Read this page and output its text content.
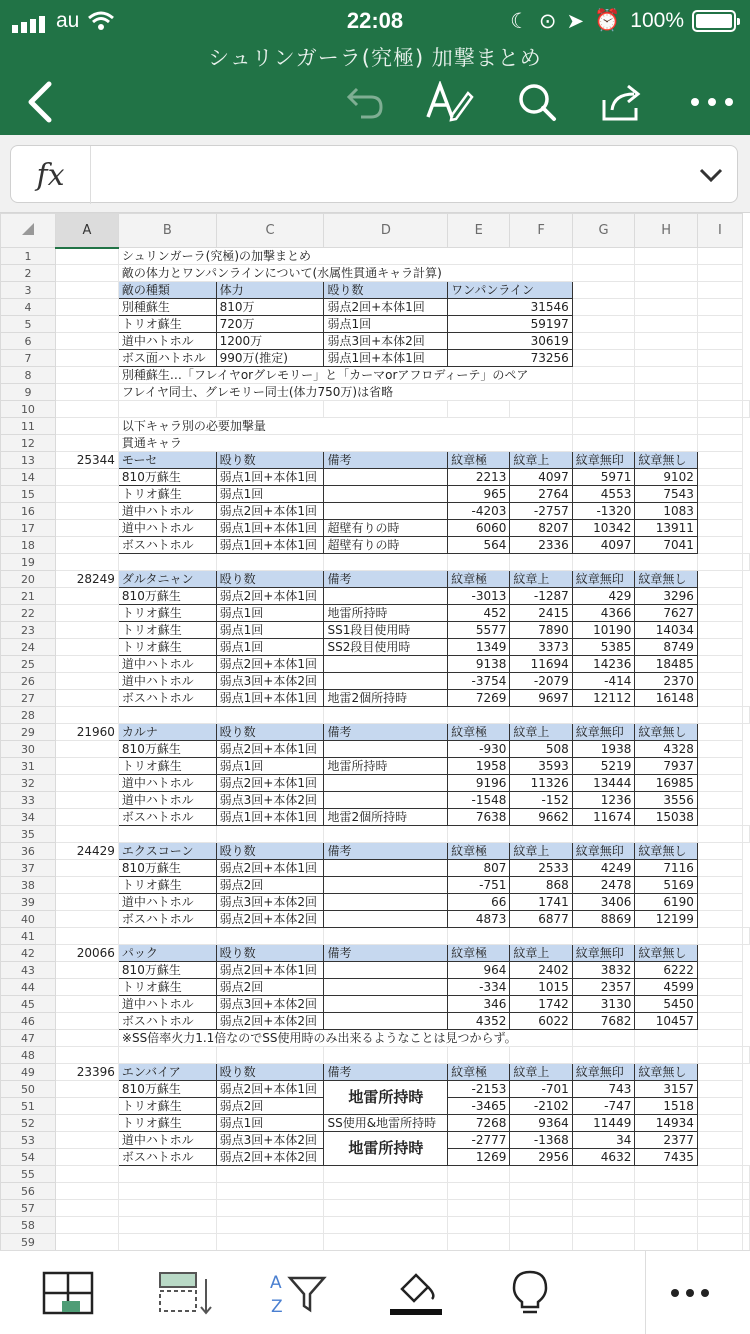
au	22:08	☾ ⊙ ➤ ⏰ 100%
シュリンガーラ(究極) 加撃まとめ
fx
	A	B	C	D	E	F	G	H	I	
1		シュリンガーラ(究極)の加撃まとめ								
2		敵の体力とワンパンラインについて(水属性貫通キャラ計算)								
3		敵の種類	体力	殴り数	ワンパンライン					
4		別種蘇生	810万	弱点2回+本体1回	31546					
5		トリオ蘇生	720万	弱点1回	59197					
6		道中ハトホル	1200万	弱点3回+本体2回	30619					
7		ボス面ハトホル	990万(推定)	弱点1回+本体1回	73256					
8		別種蘇生…「フレイヤorグレモリー」と「カーマorアフロディーテ」のペア								
9		フレイヤ同士、グレモリー同士(体力750万)は省略								
10										
11		以下キャラ別の必要加撃量								
12		貫通キャラ								
13	25344	モーセ	殴り数	備考	紋章極	紋章上	紋章無印	紋章無し		
14		810万蘇生	弱点1回+本体1回		2213	4097	5971	9102		
15		トリオ蘇生	弱点1回		965	2764	4553	7543		
16		道中ハトホル	弱点2回+本体1回		-4203	-2757	-1320	1083		
17		道中ハトホル	弱点1回+本体1回	超壁有りの時	6060	8207	10342	13911		
18		ボスハトホル	弱点1回+本体1回	超壁有りの時	564	2336	4097	7041		
19										
20	28249	ダルタニャン	殴り数	備考	紋章極	紋章上	紋章無印	紋章無し		
21		810万蘇生	弱点2回+本体1回		-3013	-1287	429	3296		
22		トリオ蘇生	弱点1回	地雷所持時	452	2415	4366	7627		
23		トリオ蘇生	弱点1回	SS1段目使用時	5577	7890	10190	14034		
24		トリオ蘇生	弱点1回	SS2段目使用時	1349	3373	5385	8749		
25		道中ハトホル	弱点2回+本体1回		9138	11694	14236	18485		
26		道中ハトホル	弱点3回+本体2回		-3754	-2079	-414	2370		
27		ボスハトホル	弱点1回+本体1回	地雷2個所持時	7269	9697	12112	16148		
28										
29	21960	カルナ	殴り数	備考	紋章極	紋章上	紋章無印	紋章無し		
30		810万蘇生	弱点2回+本体1回		-930	508	1938	4328		
31		トリオ蘇生	弱点1回	地雷所持時	1958	3593	5219	7937		
32		道中ハトホル	弱点2回+本体1回		9196	11326	13444	16985		
33		道中ハトホル	弱点3回+本体2回		-1548	-152	1236	3556		
34		ボスハトホル	弱点1回+本体1回	地雷2個所持時	7638	9662	11674	15038		
35										
36	24429	エクスコーン	殴り数	備考	紋章極	紋章上	紋章無印	紋章無し		
37		810万蘇生	弱点2回+本体1回		807	2533	4249	7116		
38		トリオ蘇生	弱点2回		-751	868	2478	5169		
39		道中ハトホル	弱点3回+本体2回		66	1741	3406	6190		
40		ボスハトホル	弱点2回+本体2回		4873	6877	8869	12199		
41										
42	20066	パック	殴り数	備考	紋章極	紋章上	紋章無印	紋章無し		
43		810万蘇生	弱点2回+本体1回		964	2402	3832	6222		
44		トリオ蘇生	弱点2回		-334	1015	2357	4599		
45		道中ハトホル	弱点3回+本体2回		346	1742	3130	5450		
46		ボスハトホル	弱点2回+本体2回		4352	6022	7682	10457		
47		※SS倍率火力1.1倍なのでSS使用時のみ出来るようなことは見つからず。								
48										
49	23396	エンバイア	殴り数	備考	紋章極	紋章上	紋章無印	紋章無し		
50		810万蘇生	弱点2回+本体1回	地雷所持時	-2153	-701	743	3157		
51		トリオ蘇生	弱点2回		-3465	-2102	-747	1518		
52		トリオ蘇生	弱点1回	SS使用&地雷所持時	7268	9364	11449	14934		
53		道中ハトホル	弱点3回+本体2回	地雷所持時	-2777	-1368	34	2377		
54		ボスハトホル	弱点2回+本体2回		1269	2956	4632	7435		
55										
56										
57										
58										
59										
A
Z
